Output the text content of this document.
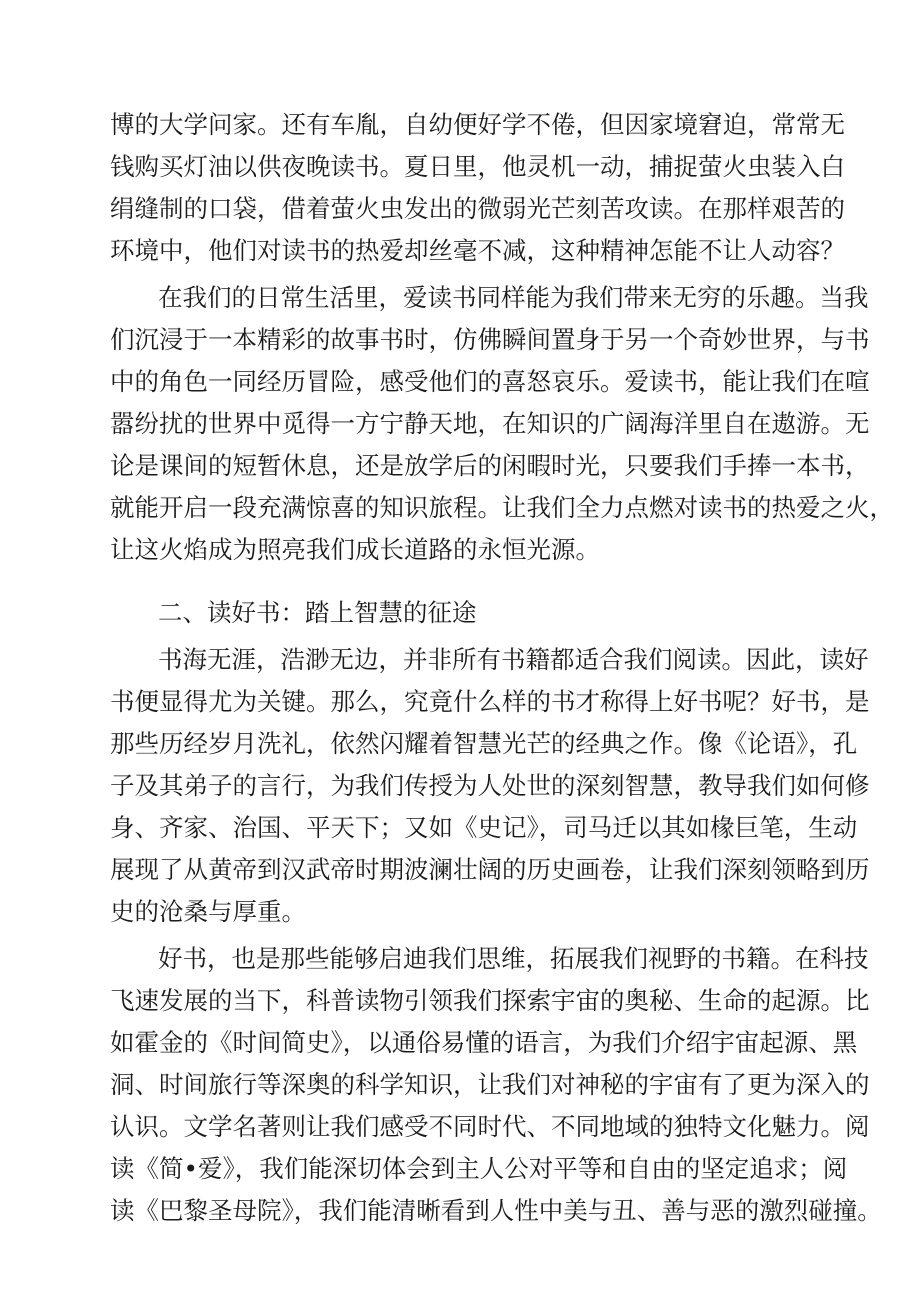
博的大学问家。还有车胤，自幼便好学不倦，但因家境窘迫，常常无
钱购买灯油以供夜晚读书。夏日里，他灵机一动，捕捉萤火虫装入白
绢缝制的口袋，借着萤火虫发出的微弱光芒刻苦攻读。在那样艰苦的
环境中，他们对读书的热爱却丝毫不减，这种精神怎能不让人动容？
在我们的日常生活里，爱读书同样能为我们带来无穷的乐趣。当我
们沉浸于一本精彩的故事书时，仿佛瞬间置身于另一个奇妙世界，与书
中的角色一同经历冒险，感受他们的喜怒哀乐。爱读书，能让我们在喧
嚣纷扰的世界中觅得一方宁静天地，在知识的广阔海洋里自在遨游。无
论是课间的短暂休息，还是放学后的闲暇时光，只要我们手捧一本书，
就能开启一段充满惊喜的知识旅程。让我们全力点燃对读书的热爱之火，
让这火焰成为照亮我们成长道路的永恒光源。
二、读好书：踏上智慧的征途
书海无涯，浩渺无边，并非所有书籍都适合我们阅读。因此，读好
书便显得尤为关键。那么，究竟什么样的书才称得上好书呢？好书，是
那些历经岁月洗礼，依然闪耀着智慧光芒的经典之作。像《论语》，孔
子及其弟子的言行，为我们传授为人处世的深刻智慧，教导我们如何修
身、齐家、治国、平天下；又如《史记》，司马迁以其如椽巨笔，生动
展现了从黄帝到汉武帝时期波澜壮阔的历史画卷，让我们深刻领略到历
史的沧桑与厚重。
好书，也是那些能够启迪我们思维，拓展我们视野的书籍。在科技
飞速发展的当下，科普读物引领我们探索宇宙的奥秘、生命的起源。比
如霍金的《时间简史》，以通俗易懂的语言，为我们介绍宇宙起源、黑
洞、时间旅行等深奥的科学知识，让我们对神秘的宇宙有了更为深入的
认识。文学名著则让我们感受不同时代、不同地域的独特文化魅力。阅
读《简•爱》，我们能深切体会到主人公对平等和自由的坚定追求；阅
读《巴黎圣母院》，我们能清晰看到人性中美与丑、善与恶的激烈碰撞。
